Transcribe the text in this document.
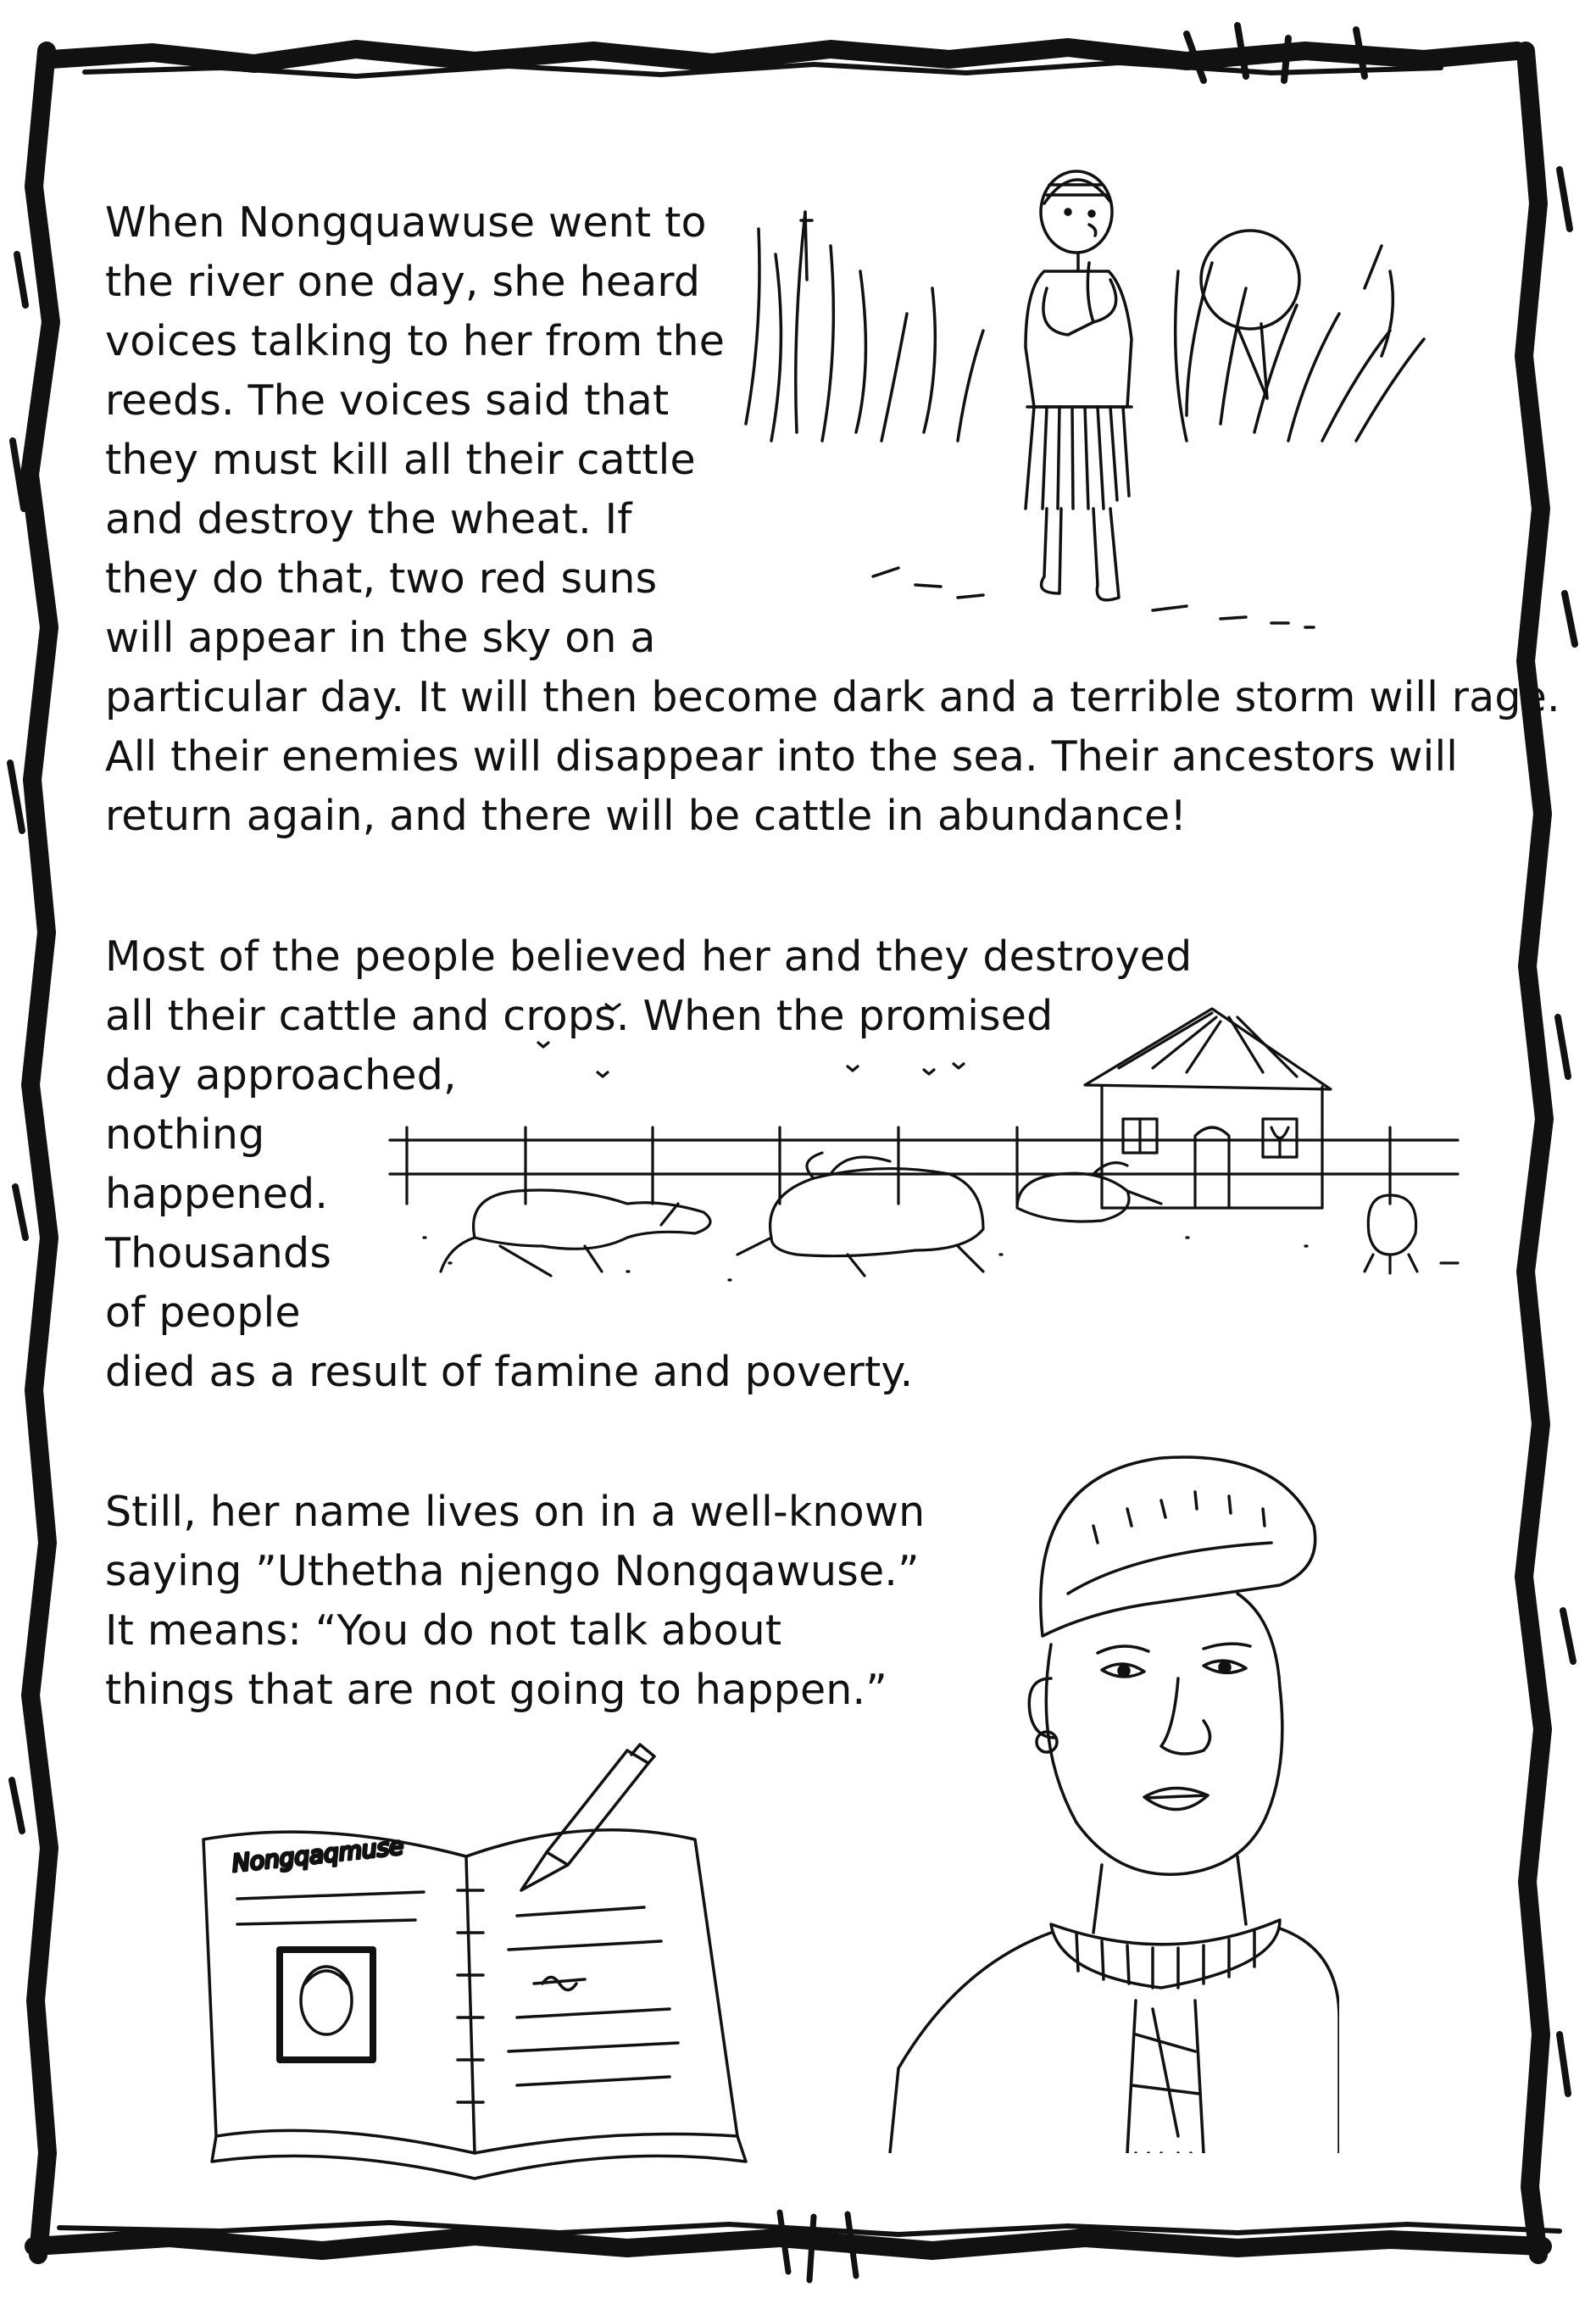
When Nongquawuse went to
the river one day, she heard
voices talking to her from the
reeds. The voices said that
they must kill all their cattle
and destroy the wheat. If
they do that, two red suns
will appear in the sky on a
particular day. It will then become dark and a terrible storm will rage.
All their enemies will disappear into the sea. Their ancestors will
return again, and there will be cattle in abundance!
Most of the people believed her and they destroyed
all their cattle and crops. When the promised
day approached,
nothing
happened.
Thousands
of people
died as a result of famine and poverty.
Still, her name lives on in a well-known
saying ”Uthetha njengo Nongqawuse.”
It means: “You do not talk about
things that are not going to happen.”
Nongqaqmuse
